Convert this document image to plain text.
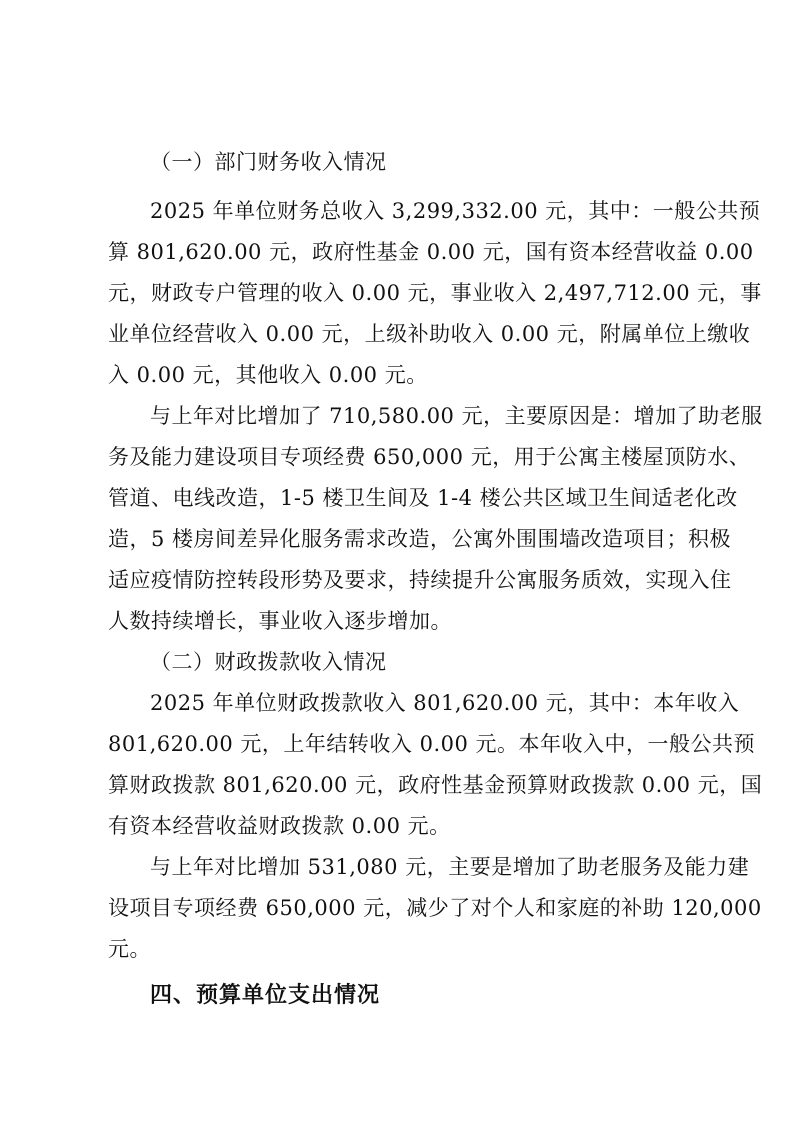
（一）部门财务收入情况
2025 年单位财务总收入 3,299,332.00 元，其中：一般公共预
算 801,620.00 元，政府性基金 0.00 元，国有资本经营收益 0.00
元，财政专户管理的收入 0.00 元，事业收入 2,497,712.00 元，事
业单位经营收入 0.00 元，上级补助收入 0.00 元，附属单位上缴收
入 0.00 元，其他收入 0.00 元。
与上年对比增加了 710,580.00 元，主要原因是：增加了助老服
务及能力建设项目专项经费 650,000 元，用于公寓主楼屋顶防水、
管道、电线改造，1-5 楼卫生间及 1-4 楼公共区域卫生间适老化改
造，5 楼房间差异化服务需求改造，公寓外围围墙改造项目；积极
适应疫情防控转段形势及要求，持续提升公寓服务质效，实现入住
人数持续增长，事业收入逐步增加。
（二）财政拨款收入情况
2025 年单位财政拨款收入 801,620.00 元，其中：本年收入
801,620.00 元，上年结转收入 0.00 元。本年收入中，一般公共预
算财政拨款 801,620.00 元，政府性基金预算财政拨款 0.00 元，国
有资本经营收益财政拨款 0.00 元。
与上年对比增加 531,080 元，主要是增加了助老服务及能力建
设项目专项经费 650,000 元，减少了对个人和家庭的补助 120,000
元。
四、预算单位支出情况
